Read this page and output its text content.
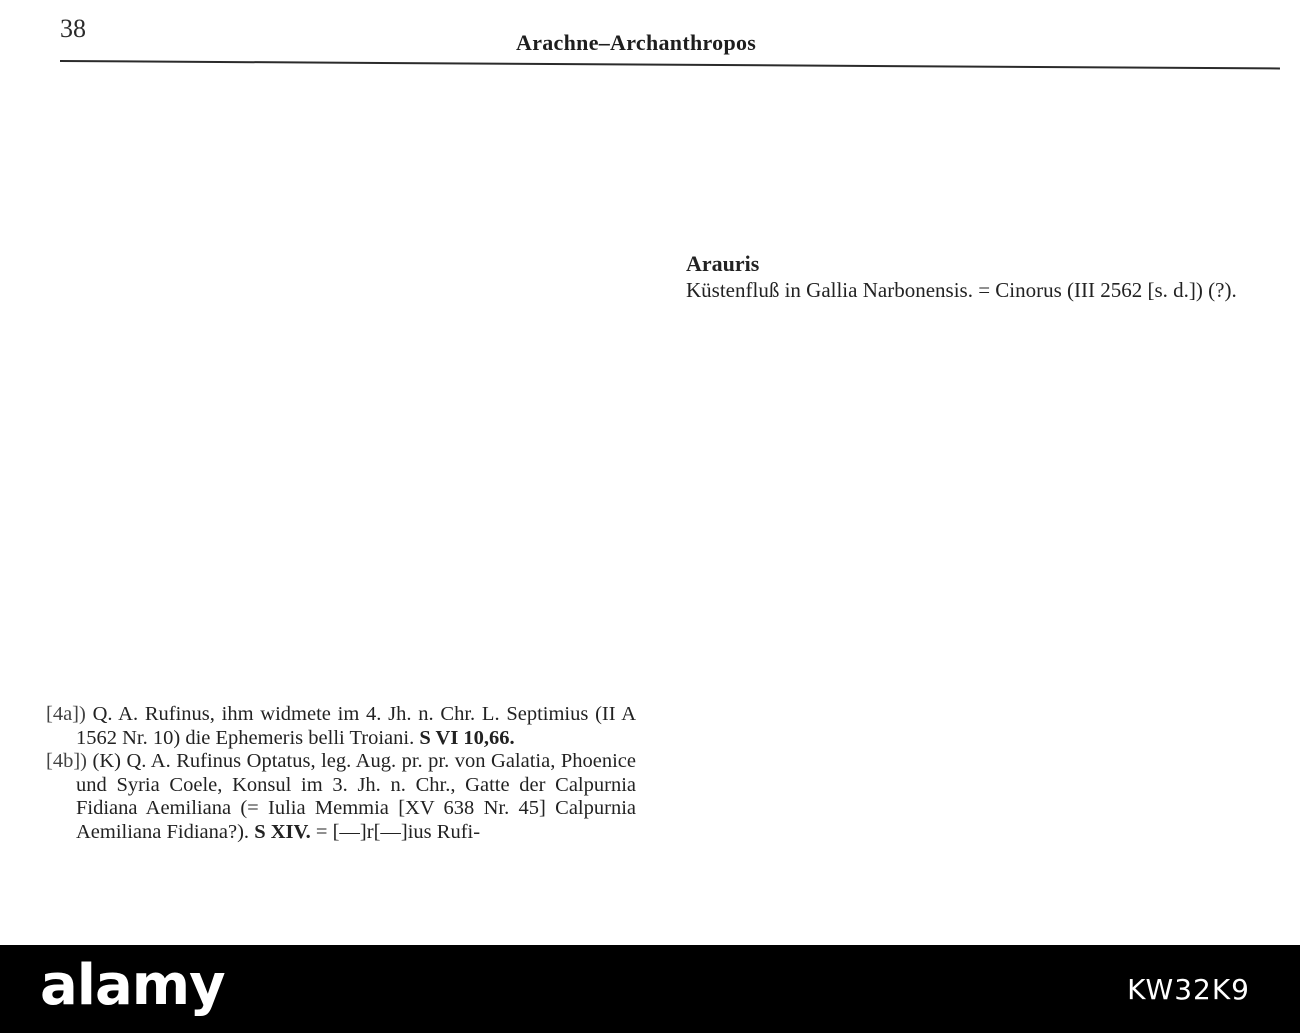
38	Arachne–Archanthropos
Arauris
Küstenfluß in Gallia Narbonensis. = Cinorus (III 2562 [s. d.]) (?).

[4a]) Q. A. Rufinus, ihm widmete im 4. Jh. n. Chr. L. Septimius (II A 1562 Nr. 10) die Ephemeris belli Troiani. S VI 10,66.

[4b]) (K) Q. A. Rufinus Optatus, leg. Aug. pr. pr. von Galatia, Phoenice und Syria Coele, Konsul im 3. Jh. n. Chr., Gatte der Calpurnia Fidiana Aemiliana (= Iulia Memmia [XV 638 Nr. 45] Calpurnia Aemiliana Fidiana?). S XIV. = [––]r[––]ius Rufi-

alamy	KW32K9
